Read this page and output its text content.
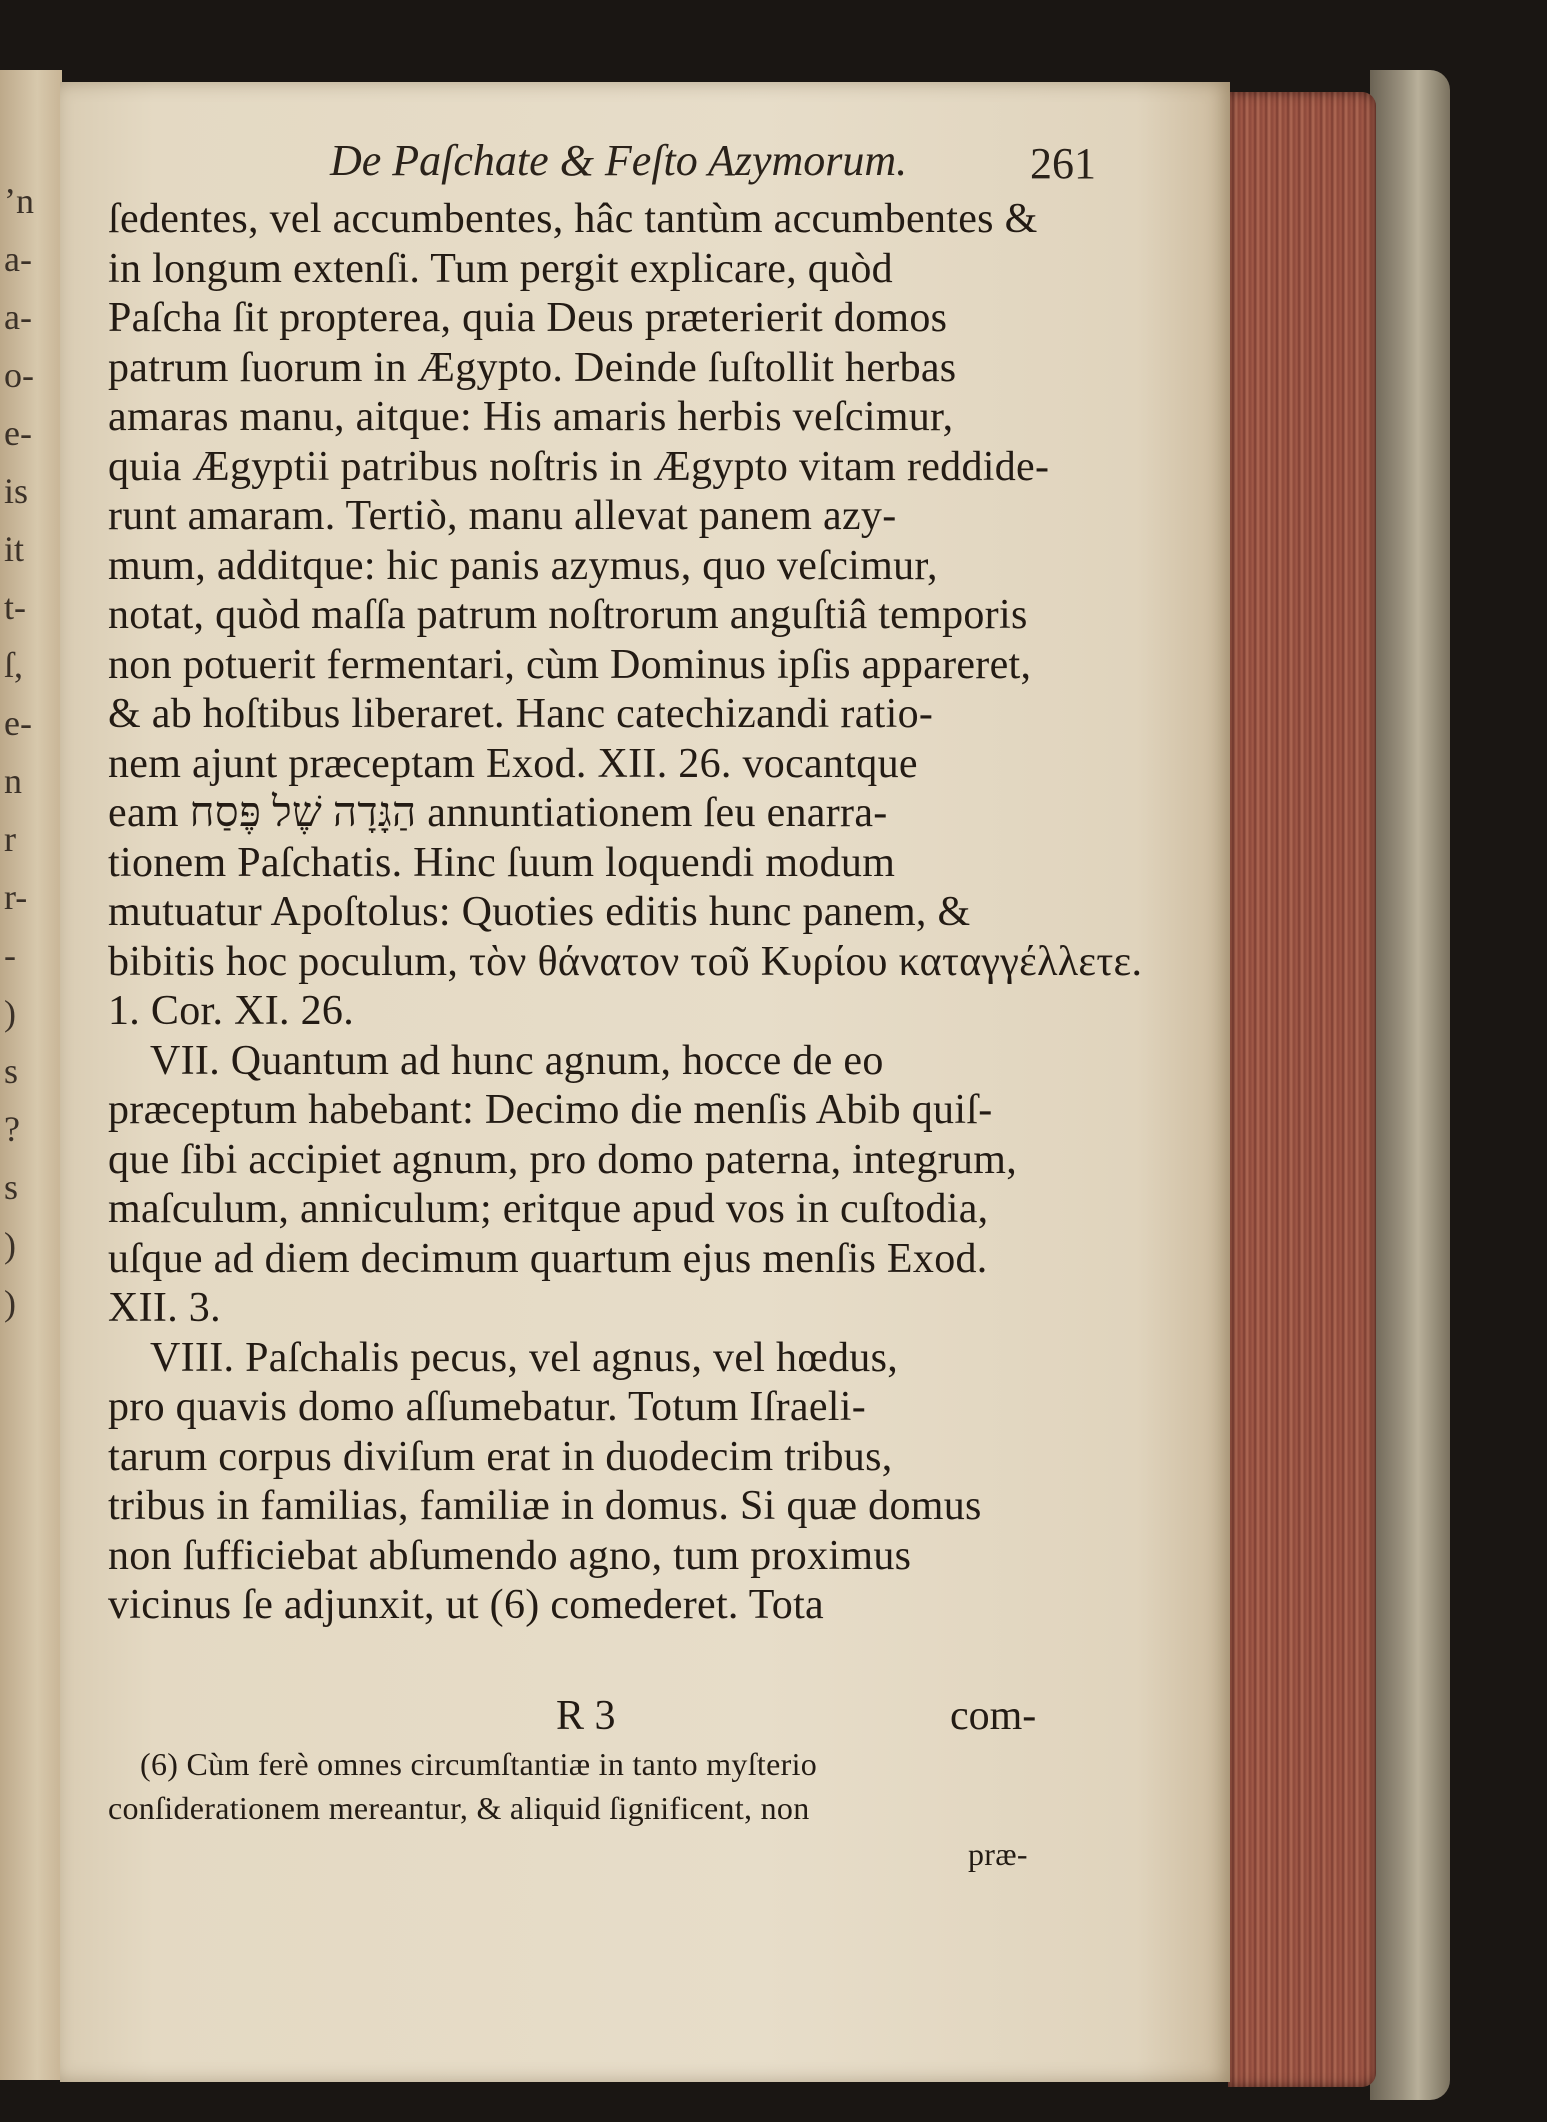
ʼn
a-
a-
o-
e-
is
it
t-
ſ,
e-
n
r
r-
-
)
s
?
s
)
)
De Paſchate & Feſto Azymorum.	261
ſedentes, vel accumbentes, hâc tantùm accumbentes &
in longum extenſi. Tum pergit explicare, quòd
Paſcha ſit propterea, quia Deus præterierit domos
patrum ſuorum in Ægypto. Deinde ſuſtollit herbas
amaras manu, aitque: His amaris herbis veſcimur,
quia Ægyptii patribus noſtris in Ægypto vitam reddide-
runt amaram. Tertiò, manu allevat panem azy-
mum, additque: hic panis azymus, quo veſcimur,
notat, quòd maſſa patrum noſtrorum anguſtiâ temporis
non potuerit fermentari, cùm Dominus ipſis appareret,
& ab hoſtibus liberaret. Hanc catechizandi ratio-
nem ajunt præceptam Exod. XII. 26. vocantque
eam הַגָּדָה שֶׁל פֶּסַח annuntiationem ſeu enarra-
tionem Paſchatis. Hinc ſuum loquendi modum
mutuatur Apoſtolus: Quoties editis hunc panem, &
bibitis hoc poculum, τὸν θάνατον τοῦ Κυρίου καταγγέλλετε.
1. Cor. XI. 26.
VII. Quantum ad hunc agnum, hocce de eo
præceptum habebant: Decimo die menſis Abib quiſ-
que ſibi accipiet agnum, pro domo paterna, integrum,
maſculum, anniculum; eritque apud vos in cuſtodia,
uſque ad diem decimum quartum ejus menſis Exod.
XII. 3.
VIII. Paſchalis pecus, vel agnus, vel hœdus,
pro quavis domo aſſumebatur. Totum Iſraeli-
tarum corpus diviſum erat in duodecim tribus,
tribus in familias, familiæ in domus. Si quæ domus
non ſufficiebat abſumendo agno, tum proximus
vicinus ſe adjunxit, ut (6) comederet. Tota
R 3	com-
(6) Cùm ferè omnes circumſtantiæ in tanto myſterio
conſiderationem mereantur, & aliquid ſignificent, non
præ-
